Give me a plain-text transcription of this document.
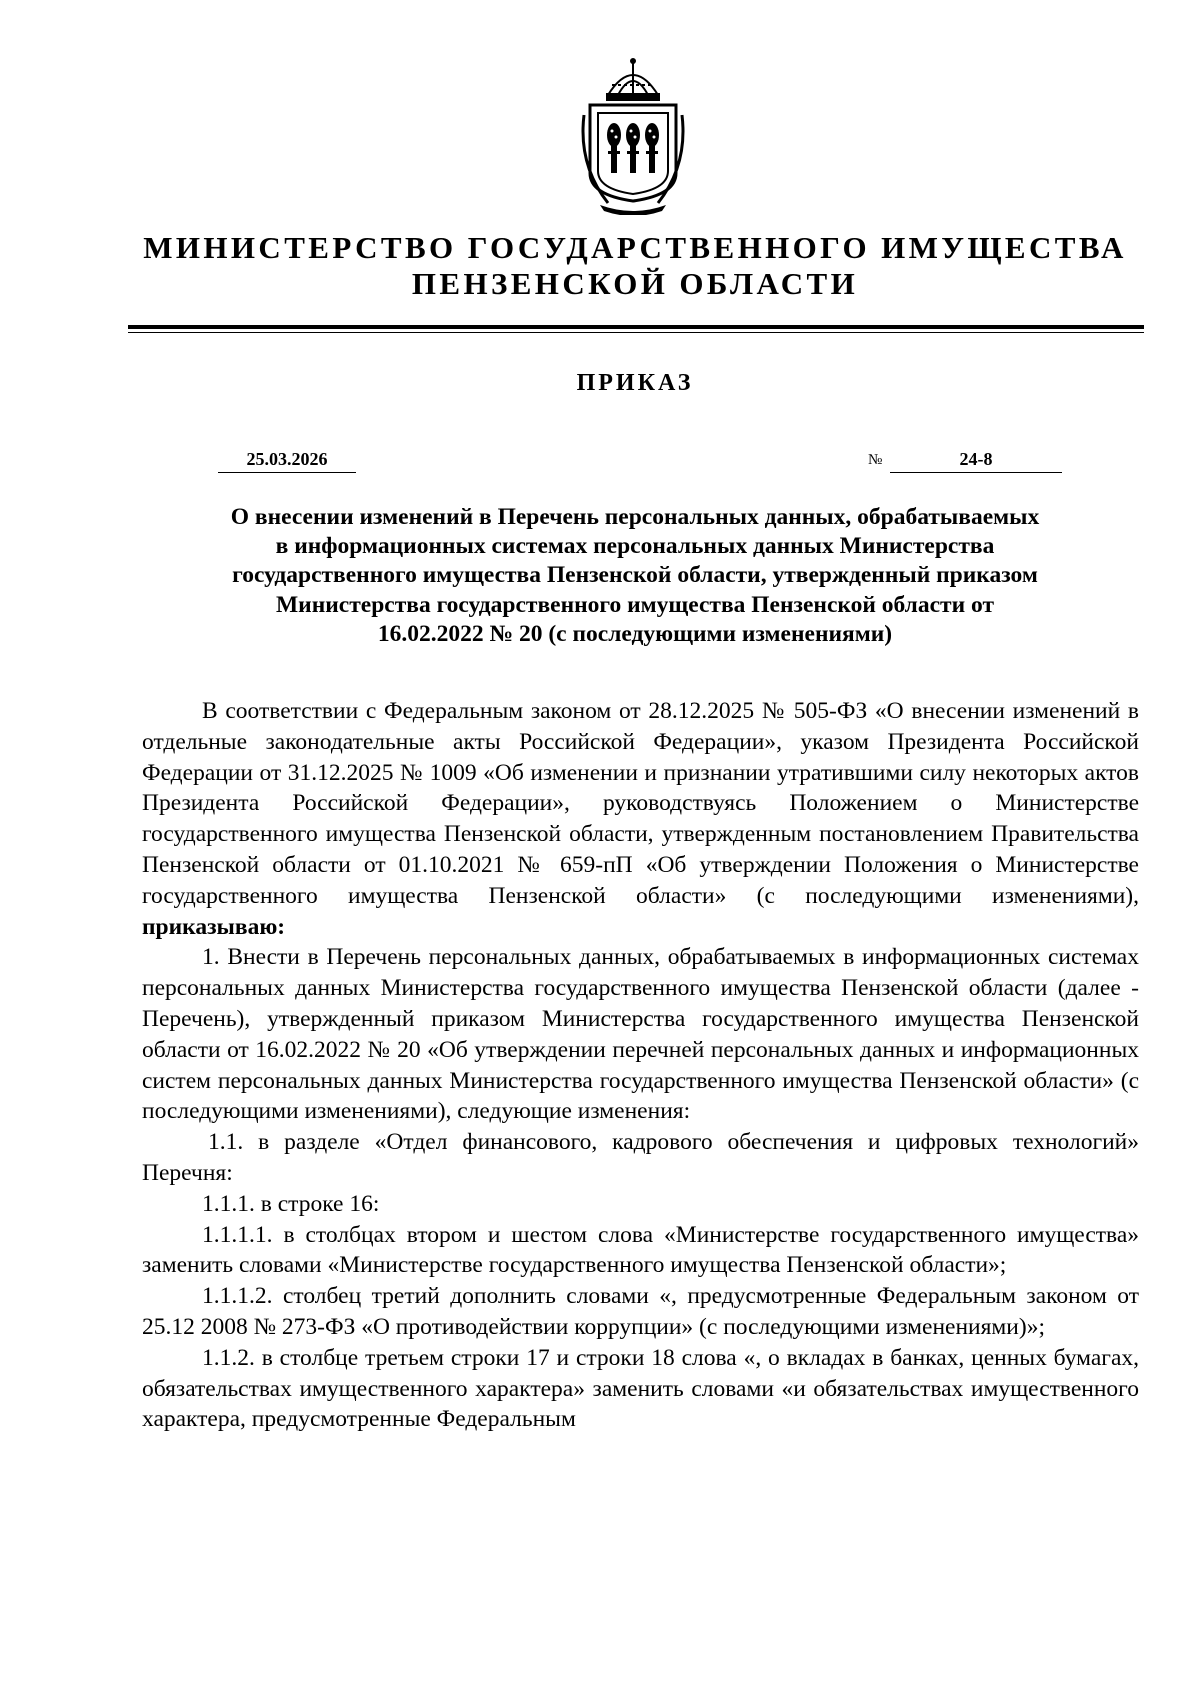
МИНИСТЕРСТВО ГОСУДАРСТВЕННОГО ИМУЩЕСТВА
ПЕНЗЕНСКОЙ ОБЛАСТИ
ПРИКАЗ
25.03.2026	№	24-8
О внесении изменений в Перечень персональных данных, обрабатываемых
в информационных системах персональных данных Министерства
государственного имущества Пензенской области, утвержденный приказом
Министерства государственного имущества Пензенской области от
16.02.2022 № 20 (с последующими изменениями)

В соответствии с Федеральным законом от 28.12.2025 № 505-ФЗ «О внесении изменений в отдельные законодательные акты Российской Федерации», указом Президента Российской Федерации от 31.12.2025 № 1009 «Об изменении и признании утратившими силу некоторых актов Президента Российской Федерации», руководствуясь Положением о Министерстве государственного имущества Пензенской области, утвержденным постановлением Правительства Пензенской области от 01.10.2021 № 659-пП «Об утверждении Положения о Министерстве государственного имущества Пензенской области» (с последующими изменениями), приказываю:

1. Внести в Перечень персональных данных, обрабатываемых в информационных системах персональных данных Министерства государственного имущества Пензенской области (далее - Перечень), утвержденный приказом Министерства государственного имущества Пензенской области от 16.02.2022 № 20 «Об утверждении перечней персональных данных и информационных систем персональных данных Министерства государственного имущества Пензенской области» (с последующими изменениями), следующие изменения:

1.1. в разделе «Отдел финансового, кадрового обеспечения и цифровых технологий» Перечня:

1.1.1. в строке 16:

1.1.1.1. в столбцах втором и шестом слова «Министерстве государственного имущества» заменить словами «Министерстве государственного имущества Пензенской области»;

1.1.1.2. столбец третий дополнить словами «, предусмотренные Федеральным законом от 25.12 2008 № 273-ФЗ «О противодействии коррупции» (с последующими изменениями)»;

1.1.2. в столбце третьем строки 17 и строки 18 слова «, о вкладах в банках, ценных бумагах, обязательствах имущественного характера» заменить словами «и обязательствах имущественного характера, предусмотренные Федеральным
